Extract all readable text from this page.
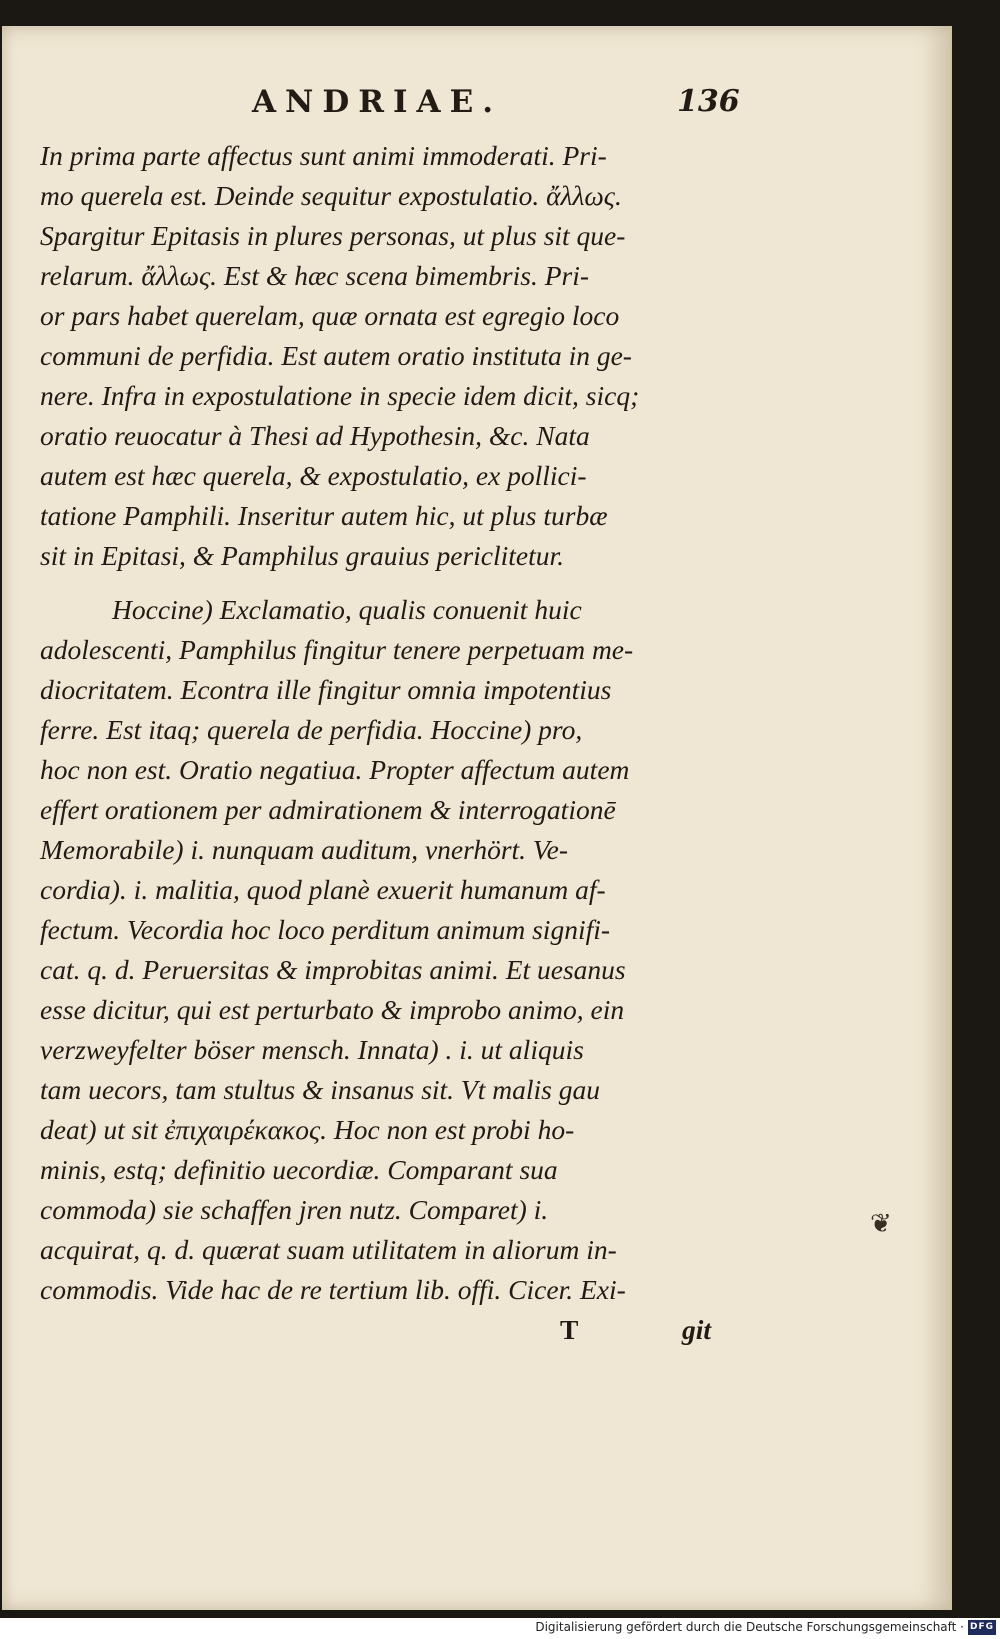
ANDRIAE.	136
In prima parte affectus sunt animi immoderati. Pri-
mo querela est. Deinde sequitur expostulatio. ἄλλως.
Spargitur Epitasis in plures personas, ut plus sit que-
relarum. ἄλλως. Est & hæc scena bimembris. Pri-
or pars habet querelam, quæ ornata est egregio loco
communi de perfidia. Est autem oratio instituta in ge-
nere. Infra in expostulatione in specie idem dicit, sicq;
oratio reuocatur à Thesi ad Hypothesin, &c. Nata
autem est hæc querela, & expostulatio, ex pollici-
tatione Pamphili. Inseritur autem hic, ut plus turbæ
sit in Epitasi, & Pamphilus grauius periclitetur.
Hoccine) Exclamatio, qualis conuenit huic
adolescenti, Pamphilus fingitur tenere perpetuam me-
diocritatem. Econtra ille fingitur omnia impotentius
ferre. Est itaq; querela de perfidia. Hoccine) pro,
hoc non est. Oratio negatiua. Propter affectum autem
effert orationem per admirationem & interrogationē
Memorabile) i. nunquam auditum, vnerhört. Ve-
cordia). i. malitia, quod planè exuerit humanum af-
fectum. Vecordia hoc loco perditum animum signifi-
cat. q. d. Peruersitas & improbitas animi. Et uesanus
esse dicitur, qui est perturbato & improbo animo, ein
verzweyfelter böser mensch. Innata) . i. ut aliquis
tam uecors, tam stultus & insanus sit. Vt malis gau
deat) ut sit ἐπιχαιρέκακος. Hoc non est probi ho-
minis, estq; definitio uecordiæ. Comparant sua
commoda) sie schaffen jren nutz. Comparet) i.
acquirat, q. d. quærat suam utilitatem in aliorum in-
commodis. Vide hac de re tertium lib. offi. Cicer. Exi-
T	git
❦
Digitalisierung gefördert durch die Deutsche Forschungsgemeinschaft · DFG
